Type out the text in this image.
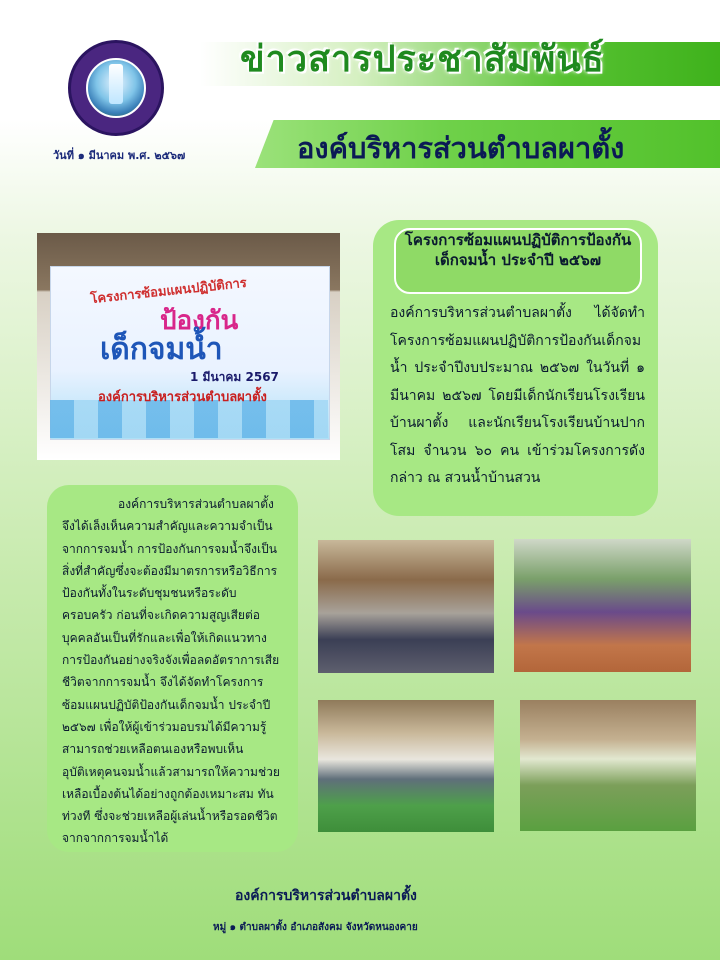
ข่าวสารประชาสัมพันธ์
องค์บริหารส่วนตำบลผาตั้ง
วันที่ ๑ มีนาคม พ.ศ. ๒๕๖๗
โครงการซ้อมแผนปฏิบัติการ
ป้องกัน
เด็กจมน้ำ
1 มีนาคม 2567
องค์การบริหารส่วนตำบลผาตั้ง
โครงการซ้อมแผนปฏิบัติการป้องกันเด็กจมน้ำ ประจำปี ๒๕๖๗
องค์การบริหารส่วนตำบลผาตั้ง ได้จัดทำโครงการซ้อมแผนปฏิบัติการป้องกันเด็กจมน้ำ ประจำปีงบประมาณ ๒๕๖๗ ในวันที่ ๑ มีนาคม ๒๕๖๗ โดยมีเด็กนักเรียนโรงเรียนบ้านผาตั้ง และนักเรียนโรงเรียนบ้านปากโสม จำนวน ๖๐ คน เข้าร่วมโครงการดังกล่าว ณ สวนน้ำบ้านสวน
องค์การบริหารส่วนตำบลผาตั้ง จึงได้เล็งเห็นความสำคัญและความจำเป็นจากการจมน้ำ การป้องกันการจมน้ำจึงเป็นสิ่งที่สำคัญซึ่งจะต้องมีมาตรการหรือวิธีการป้องกันทั้งในระดับชุมชนหรือระดับครอบครัว ก่อนที่จะเกิดความสูญเสียต่อบุคคลอันเป็นที่รักและเพื่อให้เกิดแนวทางการป้องกันอย่างจริงจังเพื่อลดอัตราการเสียชีวิตจากการจมน้ำ จึงได้จัดทำโครงการซ้อมแผนปฏิบัติป้องกันเด็กจมน้ำ ประจำปี ๒๕๖๗ เพื่อให้ผู้เข้าร่วมอบรมได้มีความรู้ สามารถช่วยเหลือตนเองหรือพบเห็นอุบัติเหตุคนจมน้ำแล้วสามารถให้ความช่วยเหลือเบื้องต้นได้อย่างถูกต้องเหมาะสม ทันท่วงที ซึ่งจะช่วยเหลือผู้เล่นน้ำหรือรอดชีวิตจากจากการจมน้ำได้
องค์การบริหารส่วนตำบลผาตั้ง
หมู่ ๑ ตำบลผาตั้ง อำเภอสังคม จังหวัดหนองคาย
